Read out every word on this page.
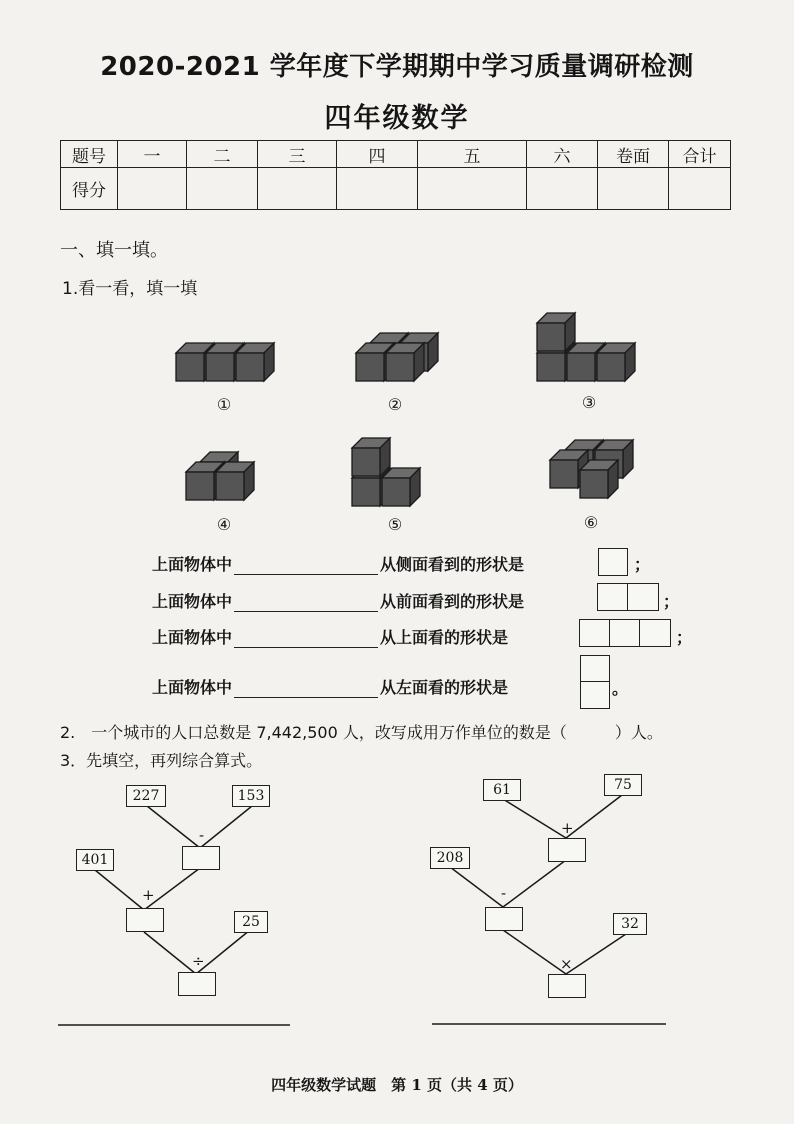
2020-2021 学年度下学期期中学习质量调研检测
四年级数学
题号	一	二	三	四	五	六	卷面	合计
得分								
一、填一填。
1.看一看，填一填
①	②	③
④	⑤	⑥
上面物体中	从侧面看到的形状是	；
上面物体中	从前面看到的形状是	；
上面物体中	从上面看的形状是	；
上面物体中	从左面看的形状是	。
2.　一个城市的人口总数是 7,442,500 人，改写成用万作单位的数是（　　　）人。
3．先填空，再列综合算式。
227	153
-
401
+
25
÷
61	75
+
208
-
32
×
四年级数学试题　第 1 页（共 4 页）
